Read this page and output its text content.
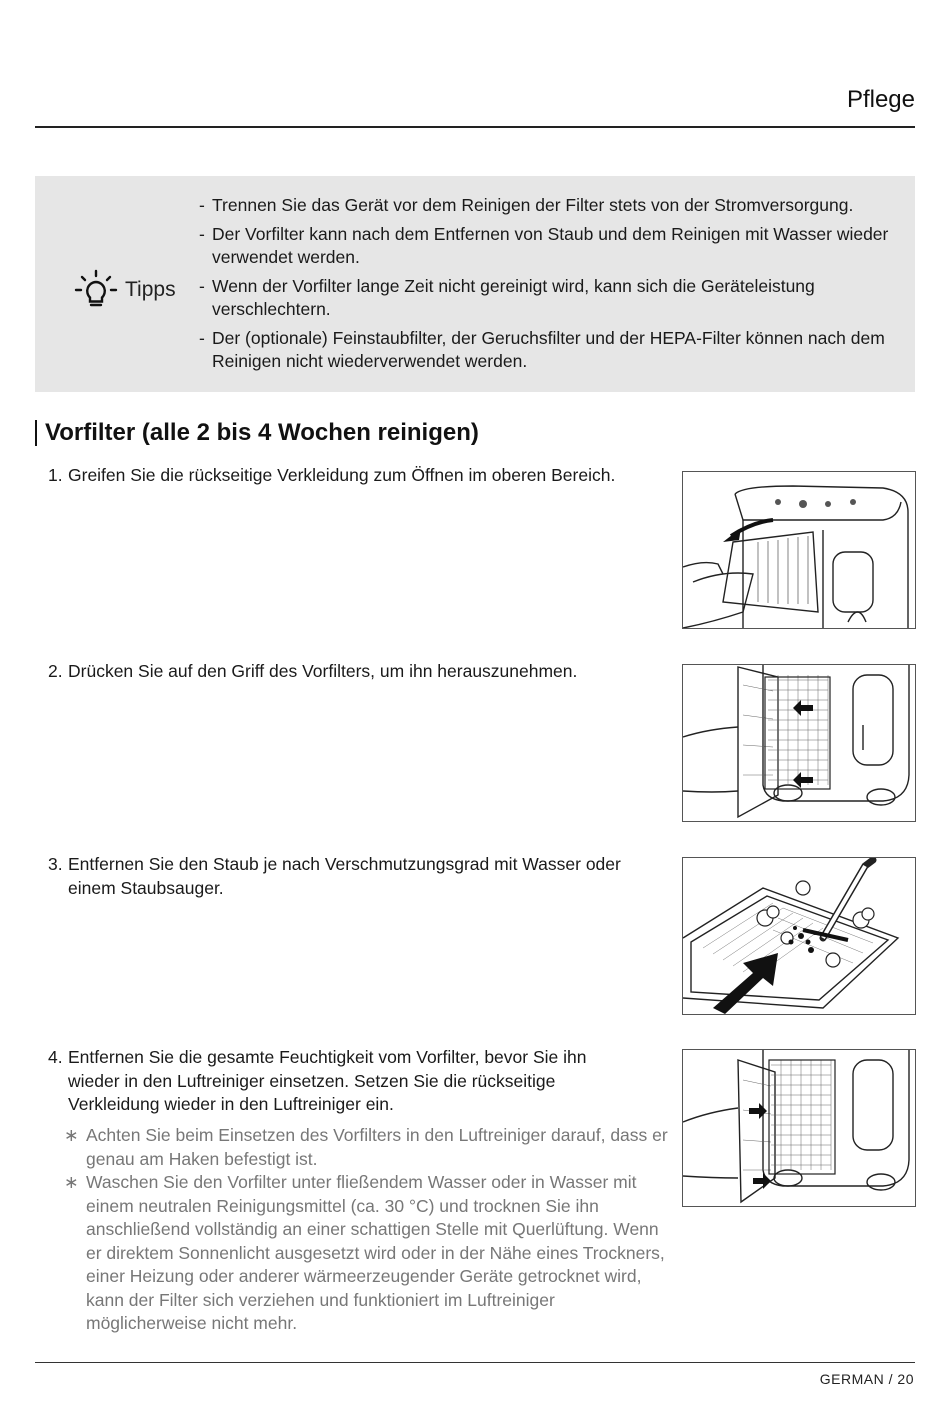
Pflege
Tipps
- Trennen Sie das Gerät vor dem Reinigen der Filter stets von der Stromversorgung.
- Der Vorfilter kann nach dem Entfernen von Staub und dem Reinigen mit Wasser wieder verwendet werden.
- Wenn der Vorfilter lange Zeit nicht gereinigt wird, kann sich die Geräteleistung verschlechtern.
- Der (optionale) Feinstaubfilter, der Geruchsfilter und der HEPA-Filter können nach dem Reinigen nicht wiederverwendet werden.
Vorfilter (alle 2 bis 4 Wochen reinigen)
1. Greifen Sie die rückseitige Verkleidung zum Öffnen im oberen Bereich.
2. Drücken Sie auf den Griff des Vorfilters, um ihn herauszunehmen.
3. Entfernen Sie den Staub je nach Verschmutzungsgrad mit Wasser oder einem Staubsauger.
4. Entfernen Sie die gesamte Feuchtigkeit vom Vorfilter, bevor Sie ihn wieder in den Luftreiniger einsetzen. Setzen Sie die rückseitige Verkleidung wieder in den Luftreiniger ein.
∗ Achten Sie beim Einsetzen des Vorfilters in den Luftreiniger darauf, dass er genau am Haken befestigt ist.
∗ Waschen Sie den Vorfilter unter fließendem Wasser oder in Wasser mit einem neutralen Reinigungsmittel (ca. 30 °C) und trocknen Sie ihn anschließend vollständig an einer schattigen Stelle mit Querlüftung. Wenn er direktem Sonnenlicht ausgesetzt wird oder in der Nähe eines Trockners, einer Heizung oder anderer wärmeerzeugender Geräte getrocknet wird, kann der Filter sich verziehen und funktioniert im Luftreiniger möglicherweise nicht mehr.
GERMAN / 20
